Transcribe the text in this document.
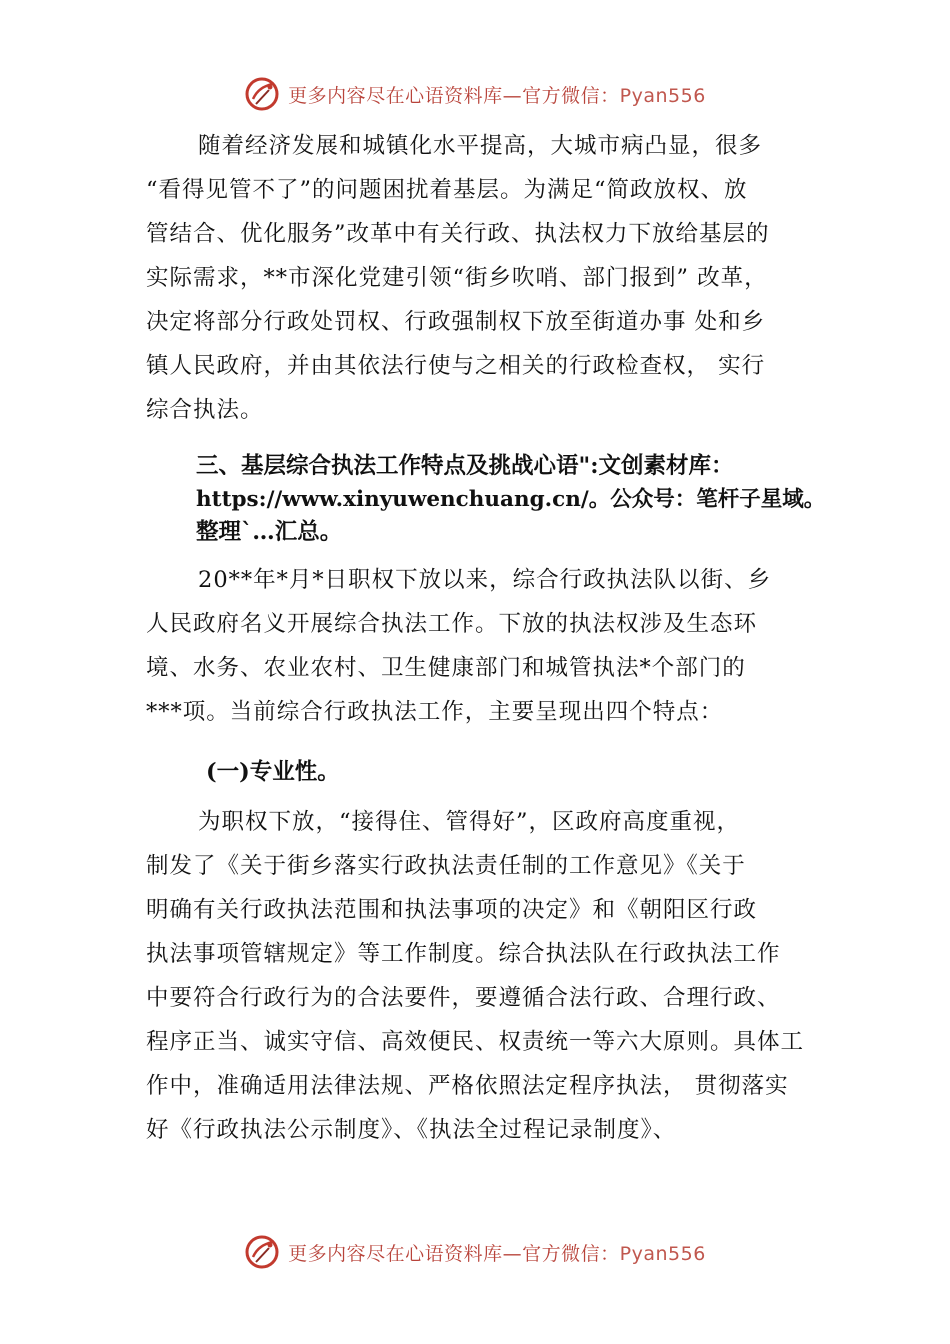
更多内容尽在心语资料库—官方微信：Pyan556
随着经济发展和城镇化水平提高，大城市病凸显，很多
“看得见管不了”的问题困扰着基层。为满足“简政放权、放
管结合、优化服务”改革中有关行政、执法权力下放给基层的
实际需求，**市深化党建引领“街乡吹哨、部门报到” 改革，
决定将部分行政处罚权、行政强制权下放至街道办事 处和乡
镇人民政府，并由其依法行使与之相关的行政检查权， 实行
综合执法。
三、基层综合执法工作特点及挑战心语":文创素材库：
https://www.xinyuwenchuang.cn/。公众号：笔杆子星域。
整理`…汇总。
20**年*月*日职权下放以来，综合行政执法队以街、乡
人民政府名义开展综合执法工作。下放的执法权涉及生态环
境、水务、农业农村、卫生健康部门和城管执法*个部门的
***项。当前综合行政执法工作，主要呈现出四个特点：
(一)专业性。
为职权下放，“接得住、管得好”，区政府高度重视，
制发了《关于街乡落实行政执法责任制的工作意见》《关于
明确有关行政执法范围和执法事项的决定》和《朝阳区行政
执法事项管辖规定》等工作制度。综合执法队在行政执法工作
中要符合行政行为的合法要件，要遵循合法行政、合理行政、
程序正当、诚实守信、高效便民、权责统一等六大原则。具体工
作中，准确适用法律法规、严格依照法定程序执法， 贯彻落实
好《行政执法公示制度》、《执法全过程记录制度》、
更多内容尽在心语资料库—官方微信：Pyan556
